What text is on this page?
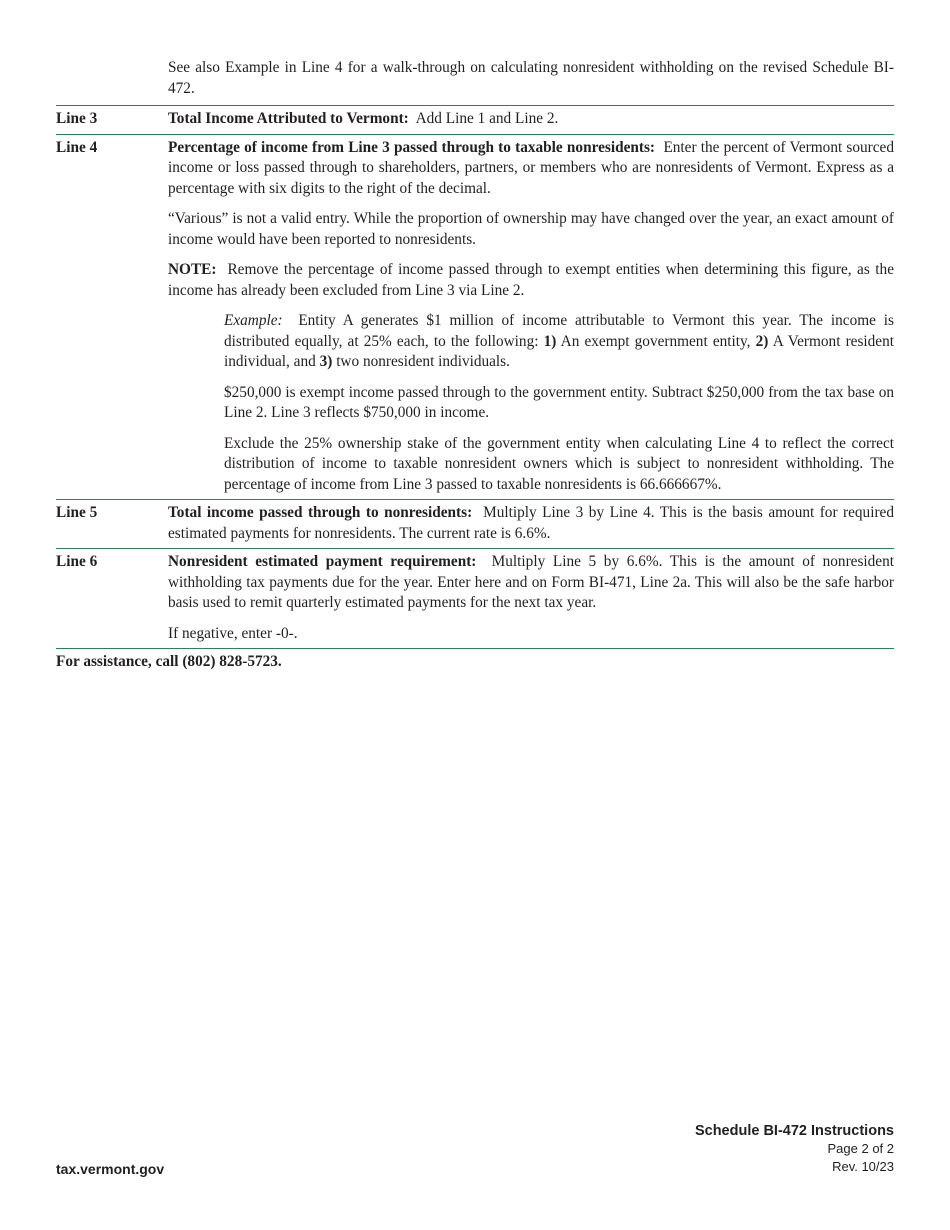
See also Example in Line 4 for a walk-through on calculating nonresident withholding on the revised Schedule BI-472.
Line 3	Total Income Attributed to Vermont: Add Line 1 and Line 2.

Line 4	Percentage of income from Line 3 passed through to taxable nonresidents: Enter the percent of Vermont sourced income or loss passed through to shareholders, partners, or members who are nonresidents of Vermont. Express as a percentage with six digits to the right of the decimal.

“Various” is not a valid entry. While the proportion of ownership may have changed over the year, an exact amount of income would have been reported to nonresidents.

NOTE: Remove the percentage of income passed through to exempt entities when determining this figure, as the income has already been excluded from Line 3 via Line 2.

Example: Entity A generates $1 million of income attributable to Vermont this year. The income is distributed equally, at 25% each, to the following: 1) An exempt government entity, 2) A Vermont resident individual, and 3) two nonresident individuals.

$250,000 is exempt income passed through to the government entity. Subtract $250,000 from the tax base on Line 2. Line 3 reflects $750,000 in income.

Exclude the 25% ownership stake of the government entity when calculating Line 4 to reflect the correct distribution of income to taxable nonresident owners which is subject to nonresident withholding. The percentage of income from Line 3 passed to taxable nonresidents is 66.666667%.

Line 5	Total income passed through to nonresidents: Multiply Line 3 by Line 4. This is the basis amount for required estimated payments for nonresidents. The current rate is 6.6%.

Line 6	Nonresident estimated payment requirement: Multiply Line 5 by 6.6%. This is the amount of nonresident withholding tax payments due for the year. Enter here and on Form BI-471, Line 2a. This will also be the safe harbor basis used to remit quarterly estimated payments for the next tax year.

If negative, enter -0-.

For assistance, call (802) 828-5723.
tax.vermont.gov
Schedule BI-472 Instructions
Page 2 of 2
Rev. 10/23
